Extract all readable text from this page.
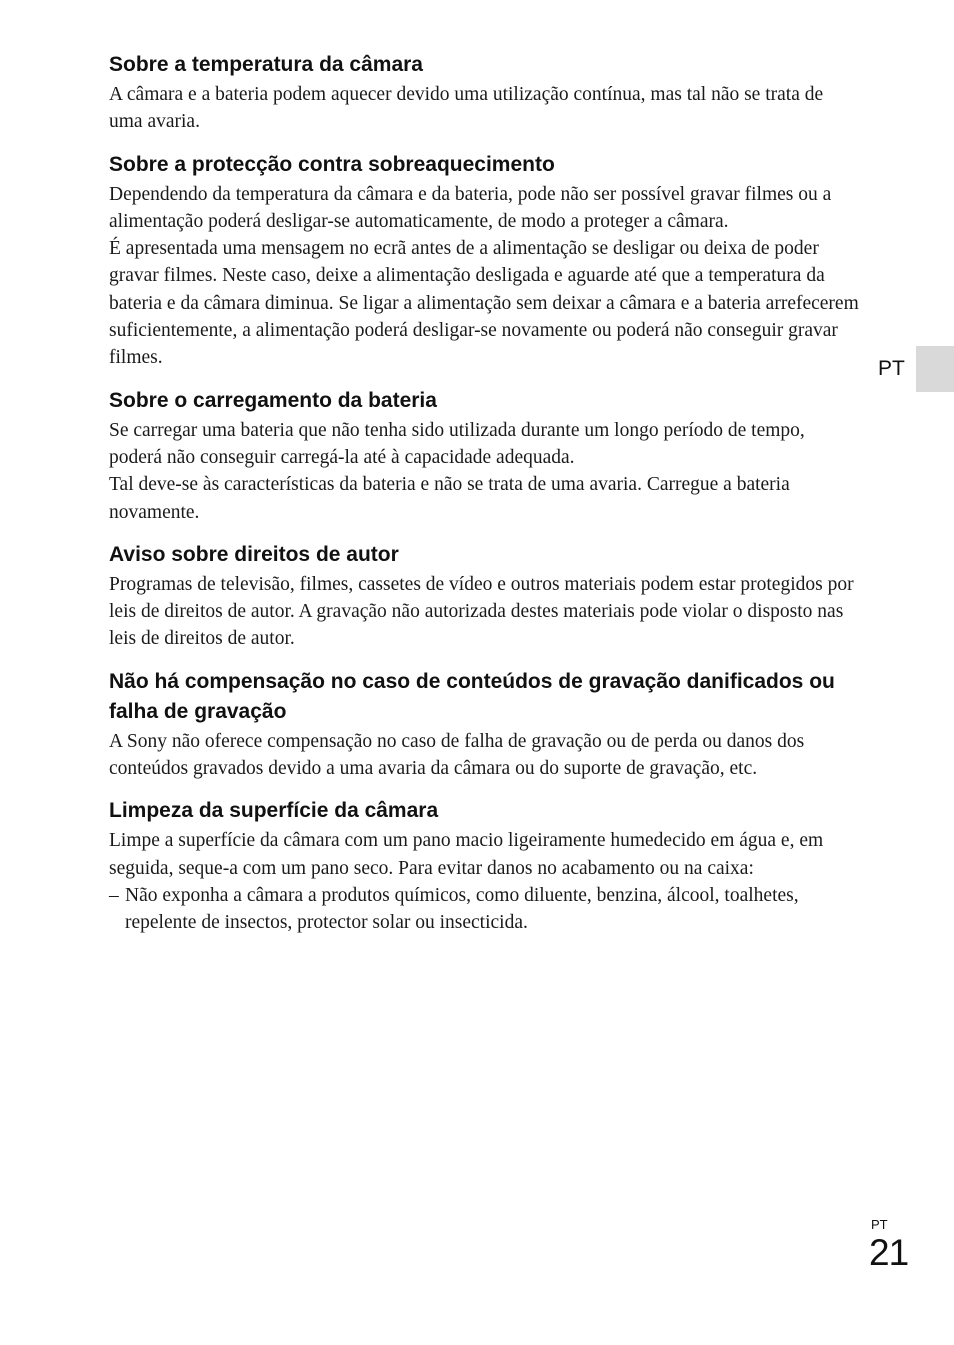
Sobre a temperatura da câmara

A câmara e a bateria podem aquecer devido uma utilização contínua, mas tal não se trata de uma avaria.

Sobre a protecção contra sobreaquecimento

Dependendo da temperatura da câmara e da bateria, pode não ser possível gravar filmes ou a alimentação poderá desligar-se automaticamente, de modo a proteger a câmara.

É apresentada uma mensagem no ecrã antes de a alimentação se desligar ou deixa de poder gravar filmes. Neste caso, deixe a alimentação desligada e aguarde até que a temperatura da bateria e da câmara diminua. Se ligar a alimentação sem deixar a câmara e a bateria arrefecerem suficientemente, a alimentação poderá desligar-se novamente ou poderá não conseguir gravar filmes.

Sobre o carregamento da bateria

Se carregar uma bateria que não tenha sido utilizada durante um longo período de tempo, poderá não conseguir carregá-la até à capacidade adequada.

Tal deve-se às características da bateria e não se trata de uma avaria. Carregue a bateria novamente.

Aviso sobre direitos de autor

Programas de televisão, filmes, cassetes de vídeo e outros materiais podem estar protegidos por leis de direitos de autor. A gravação não autorizada destes materiais pode violar o disposto nas leis de direitos de autor.

Não há compensação no caso de conteúdos de gravação danificados ou falha de gravação

A Sony não oferece compensação no caso de falha de gravação ou de perda ou danos dos conteúdos gravados devido a uma avaria da câmara ou do suporte de gravação, etc.

Limpeza da superfície da câmara

Limpe a superfície da câmara com um pano macio ligeiramente humedecido em água e, em seguida, seque-a com um pano seco. Para evitar danos no acabamento ou na caixa:

– Não exponha a câmara a produtos químicos, como diluente, benzina, álcool, toalhetes, repelente de insectos, protector solar ou insecticida.
PT
PT
21
